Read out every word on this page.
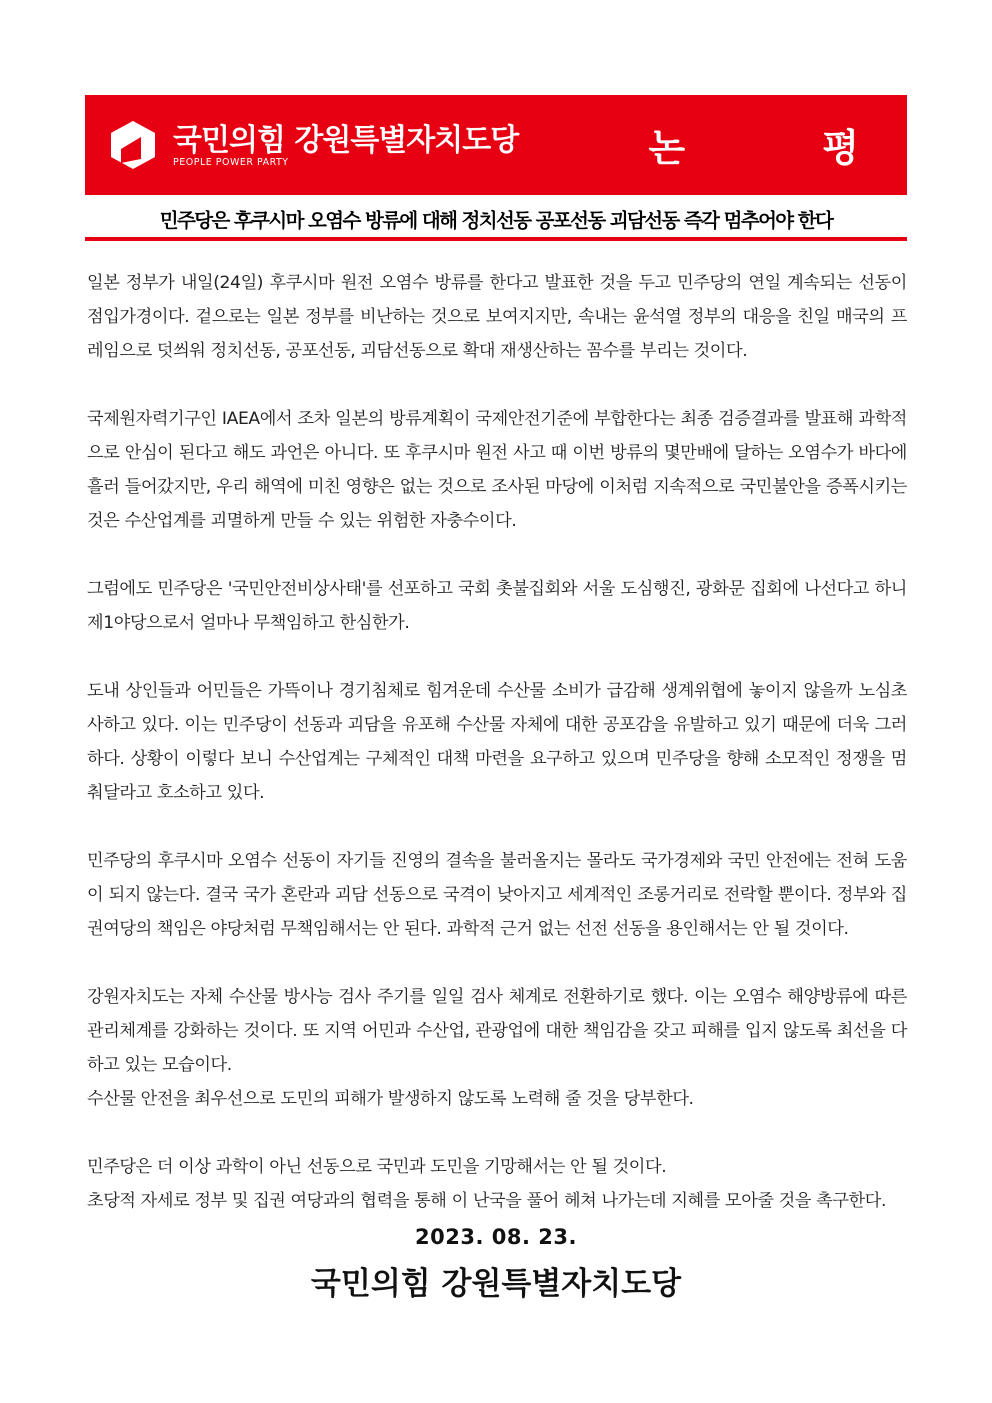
국민의힘 강원특별자치도당
PEOPLE POWER PARTY	논 평
민주당은 후쿠시마 오염수 방류에 대해 정치선동 공포선동 괴담선동 즉각 멈추어야 한다

일본 정부가 내일(24일) 후쿠시마 원전 오염수 방류를 한다고 발표한 것을 두고 민주당의 연일 계속되는 선동이 점입가경이다. 겉으로는 일본 정부를 비난하는 것으로 보여지지만, 속내는 윤석열 정부의 대응을 친일 매국의 프레임으로 덧씌워 정치선동, 공포선동, 괴담선동으로 확대 재생산하는 꼼수를 부리는 것이다.

국제원자력기구인 IAEA에서 조차 일본의 방류계획이 국제안전기준에 부합한다는 최종 검증결과를 발표해 과학적으로 안심이 된다고 해도 과언은 아니다. 또 후쿠시마 원전 사고 때 이번 방류의 몇만배에 달하는 오염수가 바다에 흘러 들어갔지만, 우리 해역에 미친 영향은 없는 것으로 조사된 마당에 이처럼 지속적으로 국민불안을 증폭시키는 것은 수산업계를 괴멸하게 만들 수 있는 위험한 자충수이다.

그럼에도 민주당은 '국민안전비상사태'를 선포하고 국회 촛불집회와 서울 도심행진, 광화문 집회에 나선다고 하니 제1야당으로서 얼마나 무책임하고 한심한가.

도내 상인들과 어민들은 가뜩이나 경기침체로 힘겨운데 수산물 소비가 급감해 생계위협에 놓이지 않을까 노심초사하고 있다. 이는 민주당이 선동과 괴담을 유포해 수산물 자체에 대한 공포감을 유발하고 있기 때문에 더욱 그러하다. 상황이 이렇다 보니 수산업계는 구체적인 대책 마련을 요구하고 있으며 민주당을 향해 소모적인 정쟁을 멈춰달라고 호소하고 있다.

민주당의 후쿠시마 오염수 선동이 자기들 진영의 결속을 불러올지는 몰라도 국가경제와 국민 안전에는 전혀 도움이 되지 않는다. 결국 국가 혼란과 괴담 선동으로 국격이 낮아지고 세계적인 조롱거리로 전락할 뿐이다. 정부와 집권여당의 책임은 야당처럼 무책임해서는 안 된다. 과학적 근거 없는 선전 선동을 용인해서는 안 될 것이다.

강원자치도는 자체 수산물 방사능 검사 주기를 일일 검사 체계로 전환하기로 했다. 이는 오염수 해양방류에 따른 관리체계를 강화하는 것이다. 또 지역 어민과 수산업, 관광업에 대한 책임감을 갖고 피해를 입지 않도록 최선을 다하고 있는 모습이다.
수산물 안전을 최우선으로 도민의 피해가 발생하지 않도록 노력해 줄 것을 당부한다.

민주당은 더 이상 과학이 아닌 선동으로 국민과 도민을 기망해서는 안 될 것이다.
초당적 자세로 정부 및 집권 여당과의 협력을 통해 이 난국을 풀어 헤쳐 나가는데 지혜를 모아줄 것을 촉구한다.

2023. 08. 23.
국민의힘 강원특별자치도당
